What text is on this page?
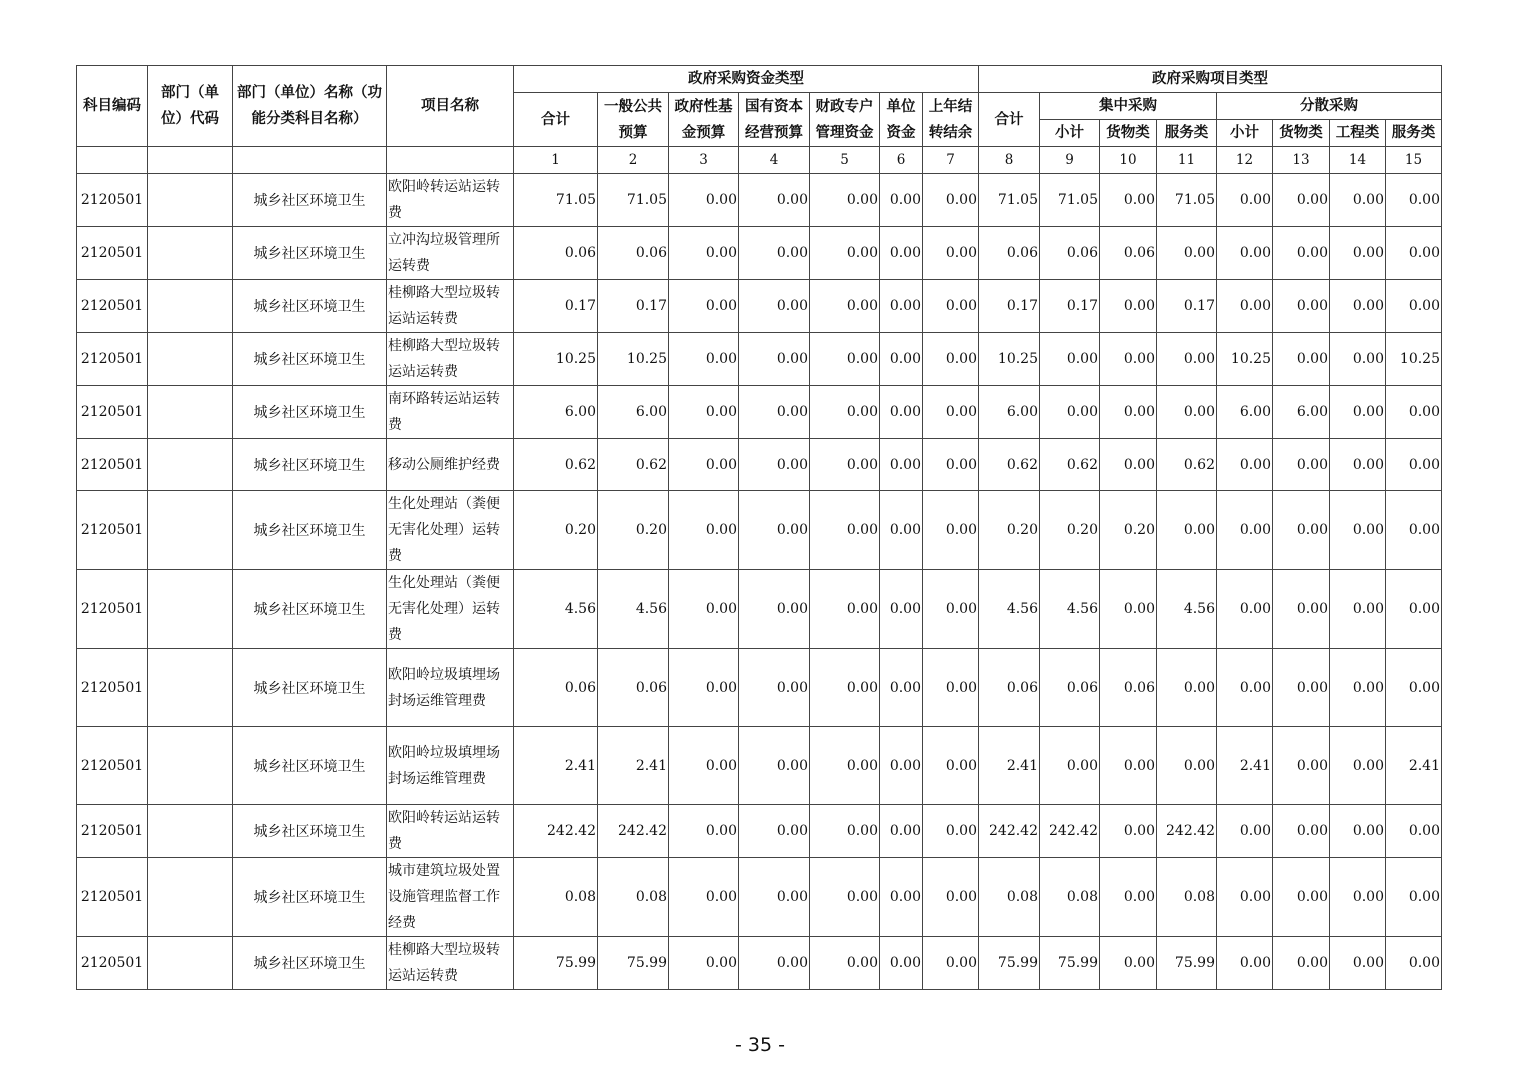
科目编码	部门（单位）代码	部门（单位）名称（功能分类科目名称）	项目名称	政府采购资金类型							政府采购项目类型							
				合计	一般公共预算	政府性基金预算	国有资本经营预算	财政专户管理资金	单位资金	上年结转结余	合计	集中采购			分散采购			
												小计	货物类	服务类	小计	货物类	工程类	服务类
				1	2	3	4	5	6	7	8	9	10	11	12	13	14	15
2120501		城乡社区环境卫生	欧阳岭转运站运转费	71.05	71.05	0.00	0.00	0.00	0.00	0.00	71.05	71.05	0.00	71.05	0.00	0.00	0.00	0.00
2120501		城乡社区环境卫生	立冲沟垃圾管理所运转费	0.06	0.06	0.00	0.00	0.00	0.00	0.00	0.06	0.06	0.06	0.00	0.00	0.00	0.00	0.00
2120501		城乡社区环境卫生	桂柳路大型垃圾转运站运转费	0.17	0.17	0.00	0.00	0.00	0.00	0.00	0.17	0.17	0.00	0.17	0.00	0.00	0.00	0.00
2120501		城乡社区环境卫生	桂柳路大型垃圾转运站运转费	10.25	10.25	0.00	0.00	0.00	0.00	0.00	10.25	0.00	0.00	0.00	10.25	0.00	0.00	10.25
2120501		城乡社区环境卫生	南环路转运站运转费	6.00	6.00	0.00	0.00	0.00	0.00	0.00	6.00	0.00	0.00	0.00	6.00	6.00	0.00	0.00
2120501		城乡社区环境卫生	移动公厕维护经费	0.62	0.62	0.00	0.00	0.00	0.00	0.00	0.62	0.62	0.00	0.62	0.00	0.00	0.00	0.00
2120501		城乡社区环境卫生	生化处理站（粪便无害化处理）运转费	0.20	0.20	0.00	0.00	0.00	0.00	0.00	0.20	0.20	0.20	0.00	0.00	0.00	0.00	0.00
2120501		城乡社区环境卫生	生化处理站（粪便无害化处理）运转费	4.56	4.56	0.00	0.00	0.00	0.00	0.00	4.56	4.56	0.00	4.56	0.00	0.00	0.00	0.00
2120501		城乡社区环境卫生	欧阳岭垃圾填埋场封场运维管理费	0.06	0.06	0.00	0.00	0.00	0.00	0.00	0.06	0.06	0.06	0.00	0.00	0.00	0.00	0.00
2120501		城乡社区环境卫生	欧阳岭垃圾填埋场封场运维管理费	2.41	2.41	0.00	0.00	0.00	0.00	0.00	2.41	0.00	0.00	0.00	2.41	0.00	0.00	2.41
2120501		城乡社区环境卫生	欧阳岭转运站运转费	242.42	242.42	0.00	0.00	0.00	0.00	0.00	242.42	242.42	0.00	242.42	0.00	0.00	0.00	0.00
2120501		城乡社区环境卫生	城市建筑垃圾处置设施管理监督工作经费	0.08	0.08	0.00	0.00	0.00	0.00	0.00	0.08	0.08	0.00	0.08	0.00	0.00	0.00	0.00
2120501		城乡社区环境卫生	桂柳路大型垃圾转运站运转费	75.99	75.99	0.00	0.00	0.00	0.00	0.00	75.99	75.99	0.00	75.99	0.00	0.00	0.00	0.00
- 35 -
